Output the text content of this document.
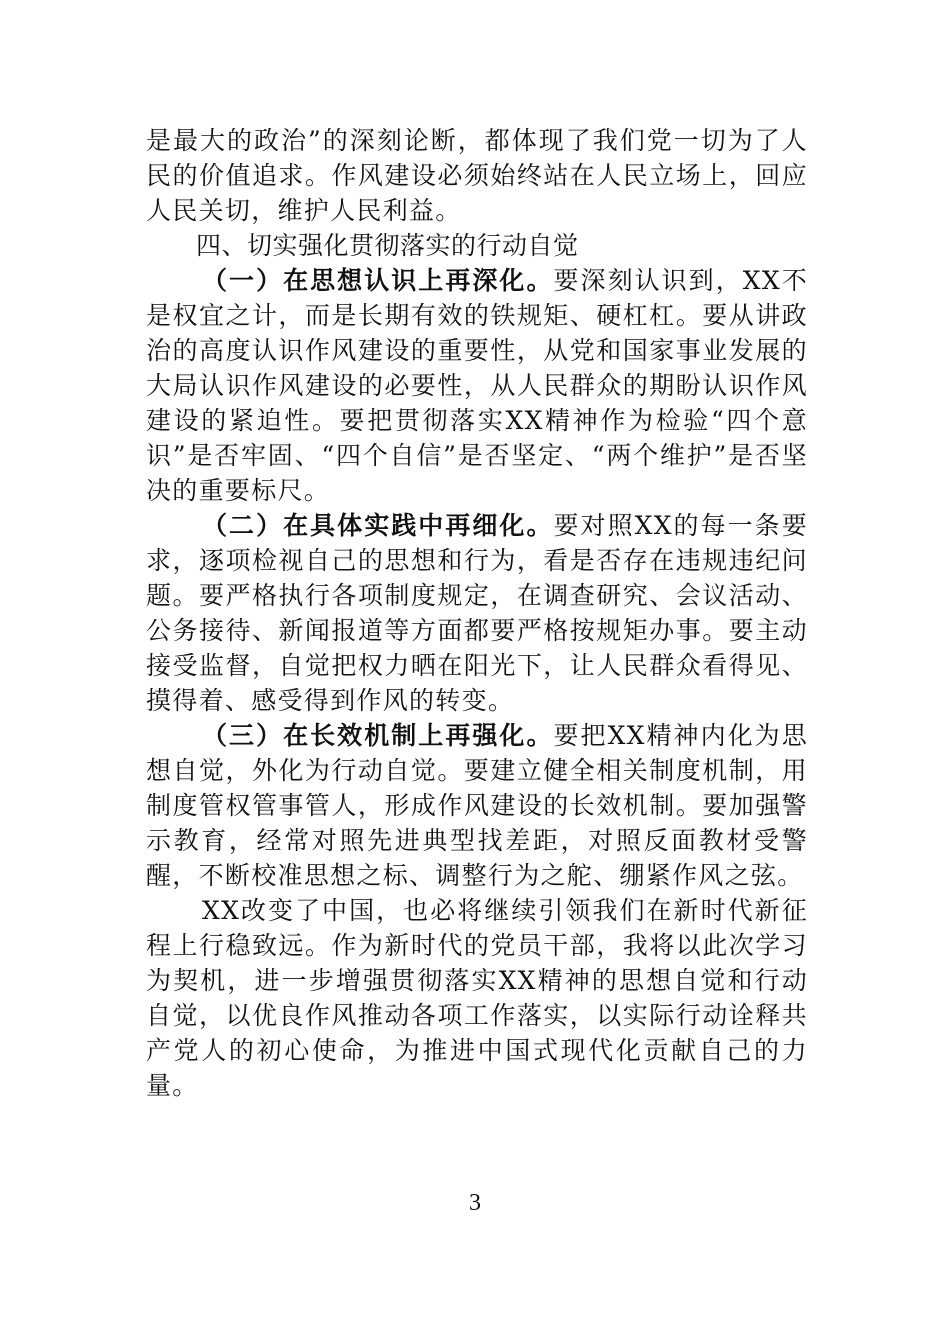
是最大的政治”的深刻论断，都体现了我们党一切为了人民的价值追求。作风建设必须始终站在人民立场上，回应人民关切，维护人民利益。

四、切实强化贯彻落实的行动自觉

（一）在思想认识上再深化。要深刻认识到，XX不是权宜之计，而是长期有效的铁规矩、硬杠杠。要从讲政治的高度认识作风建设的重要性，从党和国家事业发展的大局认识作风建设的必要性，从人民群众的期盼认识作风建设的紧迫性。要把贯彻落实XX精神作为检验“四个意识”是否牢固、“四个自信”是否坚定、“两个维护”是否坚决的重要标尺。

（二）在具体实践中再细化。要对照XX的每一条要求，逐项检视自己的思想和行为，看是否存在违规违纪问题。要严格执行各项制度规定，在调查研究、会议活动、公务接待、新闻报道等方面都要严格按规矩办事。要主动接受监督，自觉把权力晒在阳光下，让人民群众看得见、摸得着、感受得到作风的转变。

（三）在长效机制上再强化。要把XX精神内化为思想自觉，外化为行动自觉。要建立健全相关制度机制，用制度管权管事管人，形成作风建设的长效机制。要加强警示教育，经常对照先进典型找差距，对照反面教材受警醒，不断校准思想之标、调整行为之舵、绷紧作风之弦。

XX改变了中国，也必将继续引领我们在新时代新征程上行稳致远。作为新时代的党员干部，我将以此次学习为契机，进一步增强贯彻落实XX精神的思想自觉和行动自觉，以优良作风推动各项工作落实，以实际行动诠释共产党人的初心使命，为推进中国式现代化贡献自己的力量。

3
